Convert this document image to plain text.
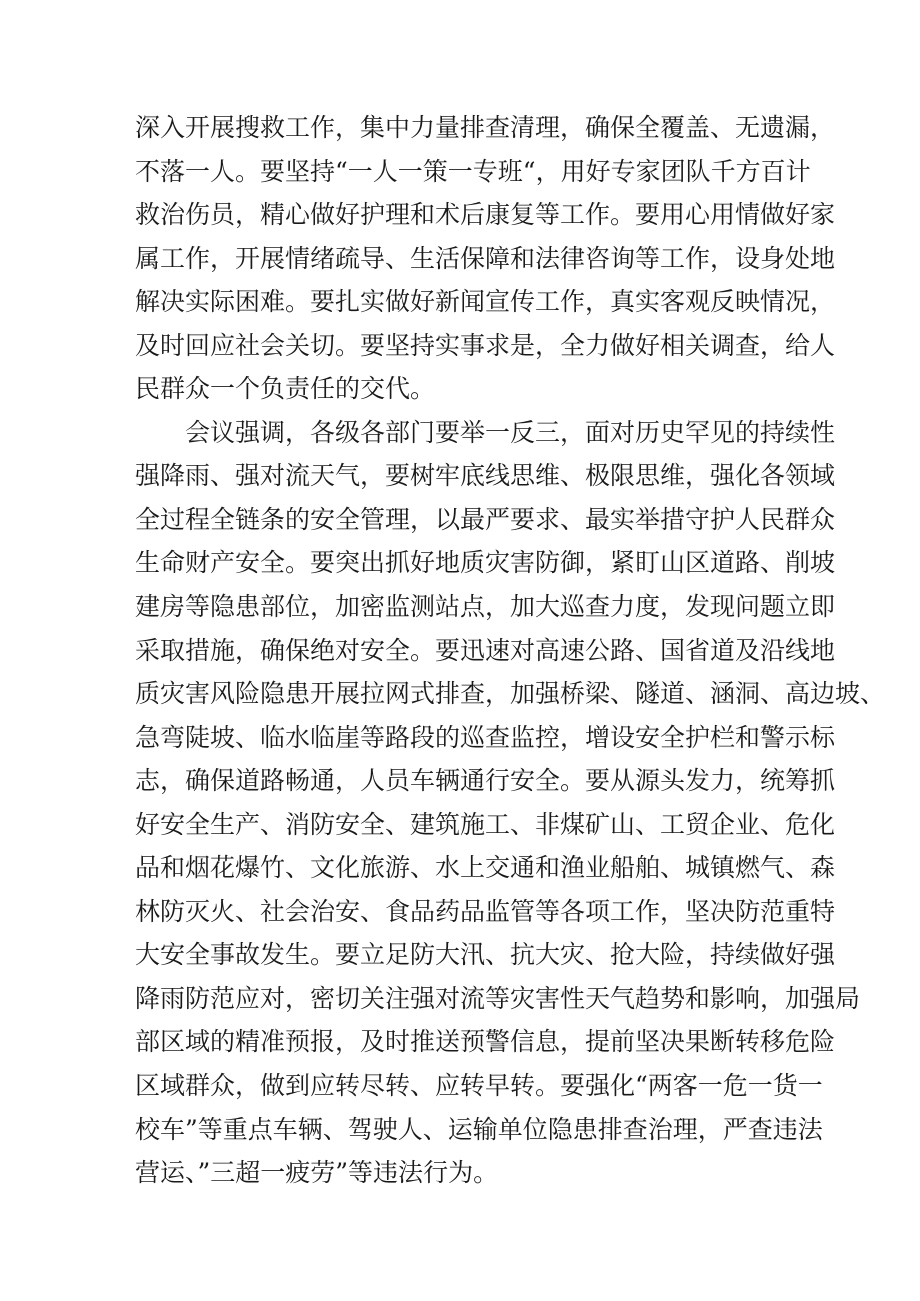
深入开展搜救工作，集中力量排查清理，确保全覆盖、无遗漏，
不落一人。要坚持“一人一策一专班“，用好专家团队千方百计
救治伤员，精心做好护理和术后康复等工作。要用心用情做好家
属工作，开展情绪疏导、生活保障和法律咨询等工作，设身处地
解决实际困难。要扎实做好新闻宣传工作，真实客观反映情况，
及时回应社会关切。要坚持实事求是，全力做好相关调查，给人
民群众一个负责任的交代。
　　会议强调，各级各部门要举一反三，面对历史罕见的持续性
强降雨、强对流天气，要树牢底线思维、极限思维，强化各领域
全过程全链条的安全管理，以最严要求、最实举措守护人民群众
生命财产安全。要突出抓好地质灾害防御，紧盯山区道路、削坡
建房等隐患部位，加密监测站点，加大巡查力度，发现问题立即
采取措施，确保绝对安全。要迅速对高速公路、国省道及沿线地
质灾害风险隐患开展拉网式排查，加强桥梁、隧道、涵洞、高边坡、
急弯陡坡、临水临崖等路段的巡查监控，增设安全护栏和警示标
志，确保道路畅通，人员车辆通行安全。要从源头发力，统筹抓
好安全生产、消防安全、建筑施工、非煤矿山、工贸企业、危化
品和烟花爆竹、文化旅游、水上交通和渔业船舶、城镇燃气、森
林防灭火、社会治安、食品药品监管等各项工作，坚决防范重特
大安全事故发生。要立足防大汛、抗大灾、抢大险，持续做好强
降雨防范应对，密切关注强对流等灾害性天气趋势和影响，加强局
部区域的精准预报，及时推送预警信息，提前坚决果断转移危险
区域群众，做到应转尽转、应转早转。要强化“两客一危一货一
校车”等重点车辆、驾驶人、运输单位隐患排查治理，严查违法
营运、”三超一疲劳”等违法行为。
